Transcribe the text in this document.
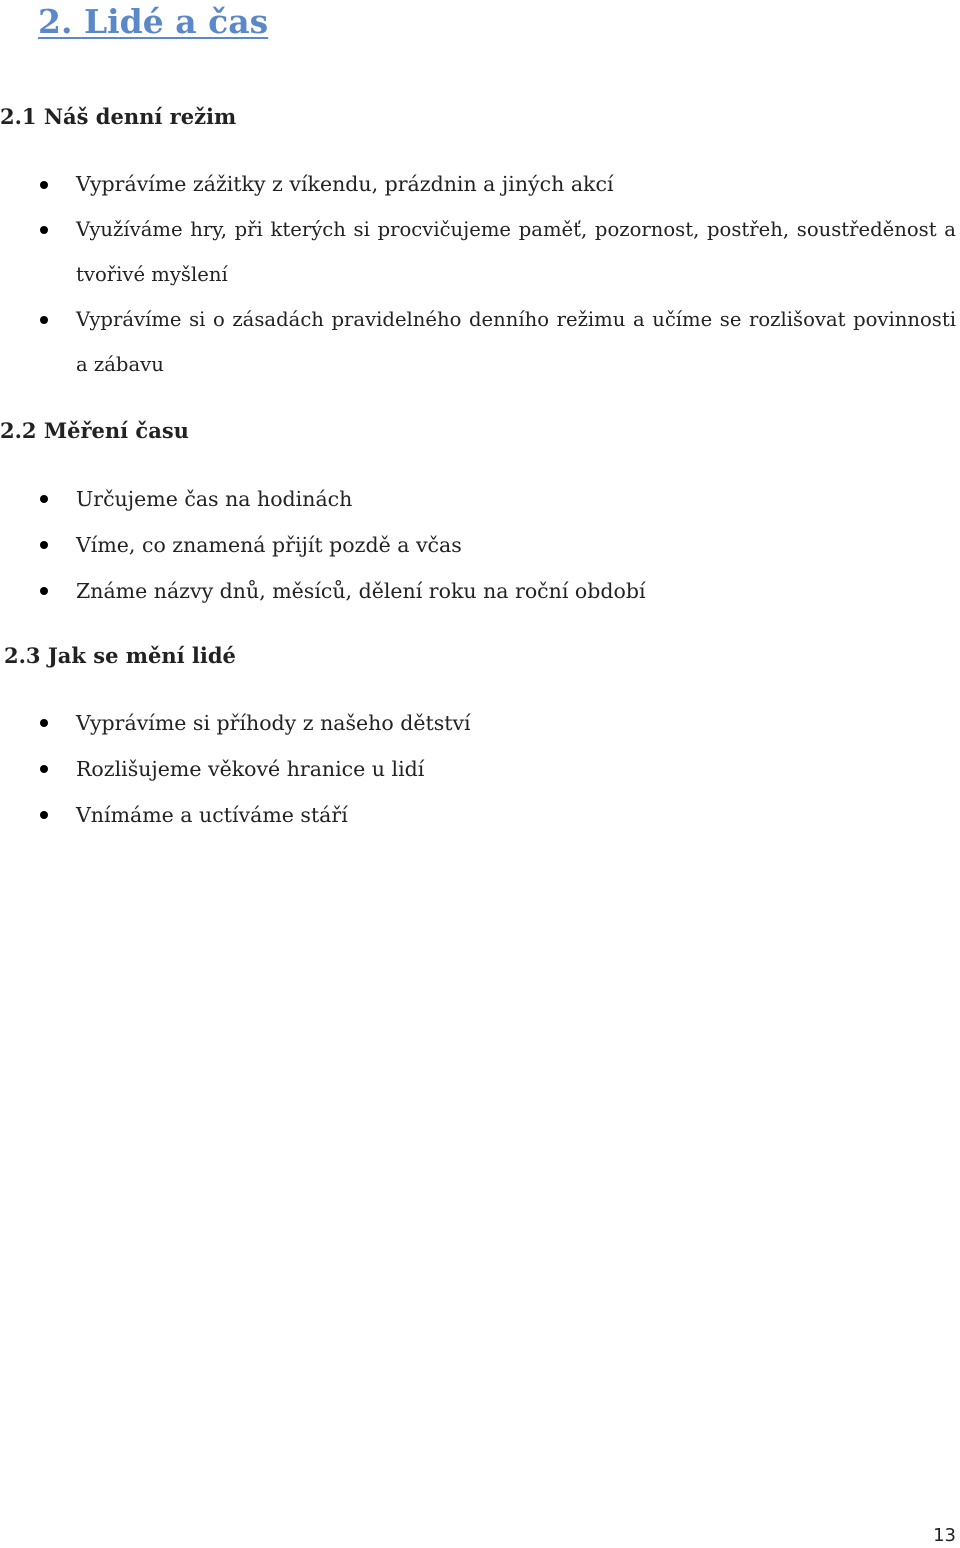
2. Lidé a čas
2.1 Náš denní režim
Vyprávíme zážitky z víkendu, prázdnin a jiných akcí
Využíváme hry, při kterých si procvičujeme paměť, pozornost, postřeh, soustředěnost a tvořivé myšlení
Vyprávíme si o zásadách pravidelného denního režimu a učíme se rozlišovat povinnosti a zábavu
2.2 Měření času
Určujeme čas na hodinách
Víme, co znamená přijít pozdě a včas
Známe názvy dnů, měsíců, dělení roku na roční období
2.3 Jak se mění lidé
Vyprávíme si příhody z našeho dětství
Rozlišujeme věkové hranice u lidí
Vnímáme a uctíváme stáří
13
